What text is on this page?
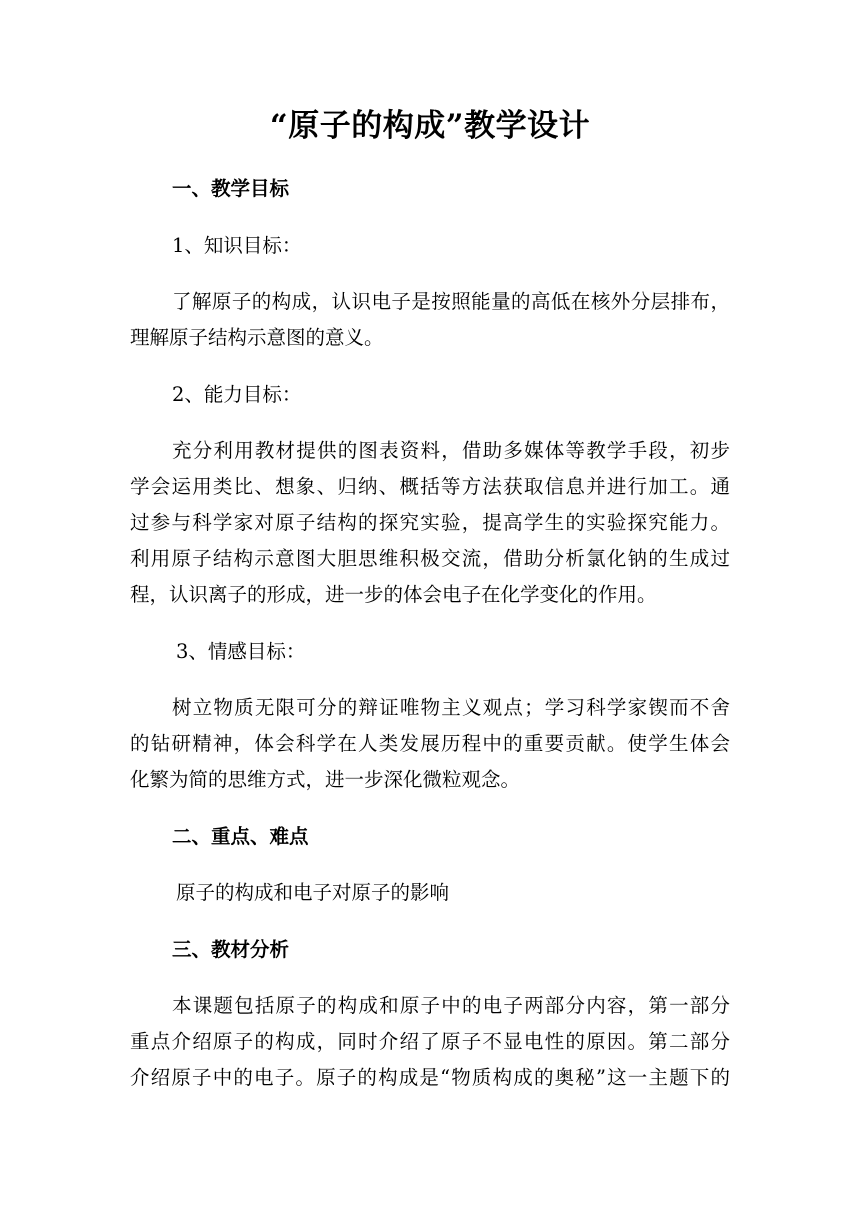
“原子的构成”教学设计
一、教学目标
1、知识目标：
了解原子的构成，认识电子是按照能量的高低在核外分层排布，
理解原子结构示意图的意义。
2、能力目标：
充分利用教材提供的图表资料，借助多媒体等教学手段，初步
学会运用类比、想象、归纳、概括等方法获取信息并进行加工。通
过参与科学家对原子结构的探究实验，提高学生的实验探究能力。
利用原子结构示意图大胆思维积极交流，借助分析氯化钠的生成过
程，认识离子的形成，进一步的体会电子在化学变化的作用。
3、情感目标：
树立物质无限可分的辩证唯物主义观点；学习科学家锲而不舍
的钻研精神，体会科学在人类发展历程中的重要贡献。使学生体会
化繁为简的思维方式，进一步深化微粒观念。
二、重点、难点
原子的构成和电子对原子的影响
三、教材分析
本课题包括原子的构成和原子中的电子两部分内容，第一部分
重点介绍原子的构成，同时介绍了原子不显电性的原因。第二部分
介绍原子中的电子。原子的构成是“物质构成的奥秘”这一主题下的
